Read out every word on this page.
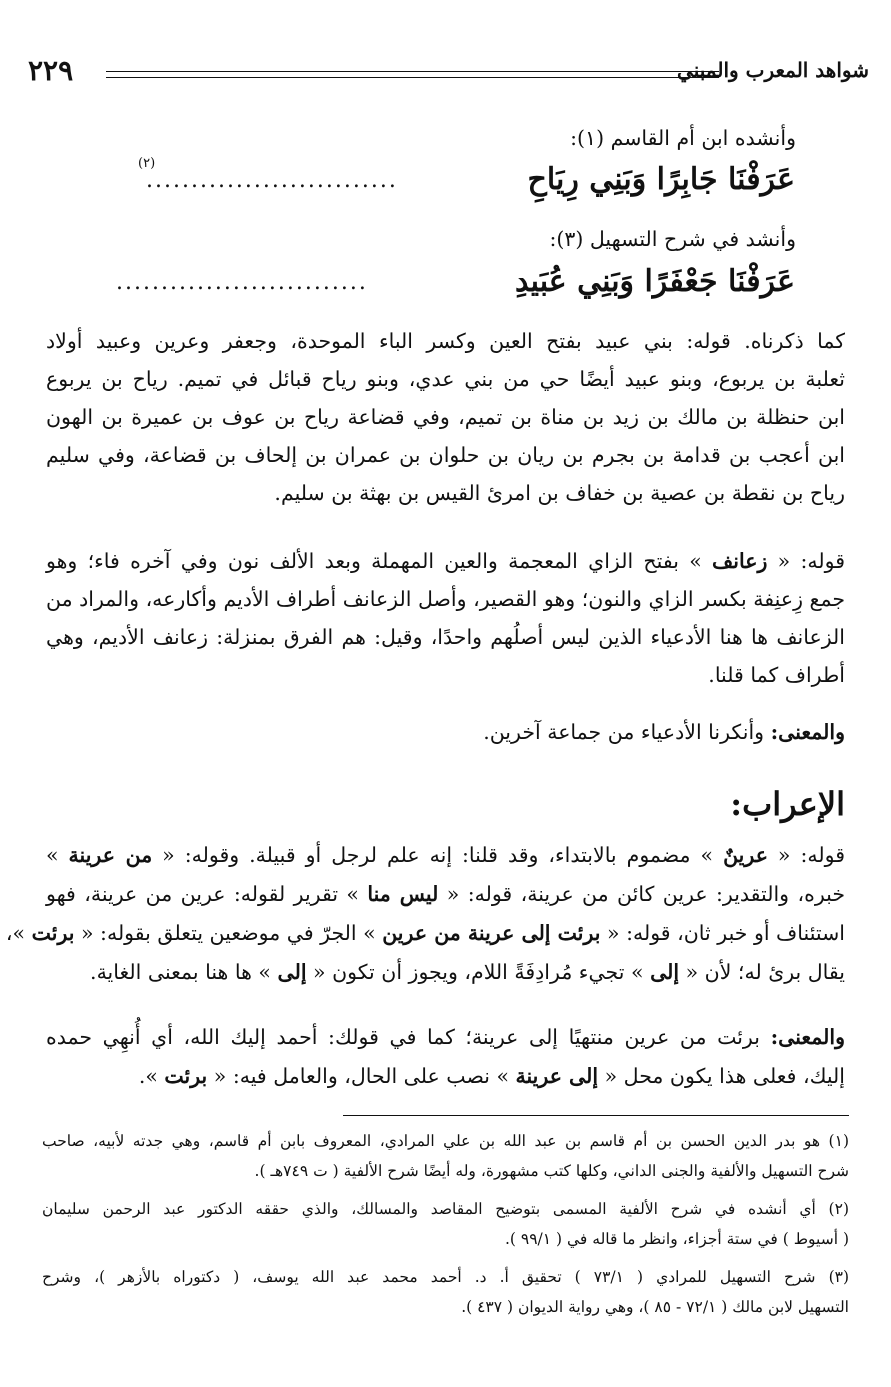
شواهد المعرب والمبني
٢٢٩
وأنشده ابن أم القاسم (١):
عَرَفْنَا جَابِرًا وَبَنِي رِيَاحِ
............................
(٢)
وأنشد في شرح التسهيل (٣):
عَرَفْنَا جَعْفَرًا وَبَنِي عُبَيدِ
............................
كما ذكرناه. قوله: بني عبيد بفتح العين وكسر الباء الموحدة، وجعفر وعرين وعبيد أولاد
ثعلبة بن يربوع، وبنو عبيد أيضًا حي من بني عدي، وبنو رياح قبائل في تميم. رياح بن يربوع
ابن حنظلة بن مالك بن زيد بن مناة بن تميم، وفي قضاعة رياح بن عوف بن عميرة بن الهون
ابن أعجب بن قدامة بن بجرم بن ريان بن حلوان بن عمران بن إلحاف بن قضاعة، وفي سليم
رياح بن نقطة بن عصية بن خفاف بن امرئ القيس بن بهثة بن سليم.
قوله: « زعانف » بفتح الزاي المعجمة والعين المهملة وبعد الألف نون وفي آخره فاء؛ وهو
جمع زِعنِفة بكسر الزاي والنون؛ وهو القصير، وأصل الزعانف أطراف الأديم وأكارعه، والمراد من
الزعانف ها هنا الأدعياء الذين ليس أصلُهم واحدًا، وقيل: هم الفرق بمنزلة: زعانف الأديم، وهي
أطراف كما قلنا.
والمعنى: وأنكرنا الأدعياء من جماعة آخرين.
الإعراب:
قوله: « عرينٌ » مضموم بالابتداء، وقد قلنا: إنه علم لرجل أو قبيلة. وقوله: « من عرينة »
خبره، والتقدير: عرين كائن من عرينة، قوله: « ليس منا » تقرير لقوله: عرين من عرينة، فهو
استئناف أو خبر ثان، قوله: « برئت إلى عرينة من عرين » الجرّ في موضعين يتعلق بقوله: « برئت »،
يقال برئ له؛ لأن « إلى » تجيء مُرادِفَةً اللام، ويجوز أن تكون « إلى » ها هنا بمعنى الغاية.
والمعنى: برئت من عرين منتهيًا إلى عرينة؛ كما في قولك: أحمد إليك الله، أي أُنهِي حمده
إليك، فعلى هذا يكون محل « إلى عرينة » نصب على الحال، والعامل فيه: « برئت ».
(١) هو بدر الدين الحسن بن أم قاسم بن عبد الله بن علي المرادي، المعروف بابن أم قاسم، وهي جدته لأبيه، صاحب
شرح التسهيل والألفية والجنى الداني، وكلها كتب مشهورة، وله أيضًا شرح الألفية ( ت ٧٤٩هـ ).
(٢) أي أنشده في شرح الألفية المسمى بتوضيح المقاصد والمسالك، والذي حققه الدكتور عبد الرحمن سليمان
( أسيوط ) في ستة أجزاء، وانظر ما قاله في ( ٩٩/١ ).
(٣) شرح التسهيل للمرادي ( ٧٣/١ ) تحقيق أ. د. أحمد محمد عبد الله يوسف، ( دكتوراه بالأزهر )، وشرح
التسهيل لابن مالك ( ٧٢/١ - ٨٥ )، وهي رواية الديوان ( ٤٣٧ ).
